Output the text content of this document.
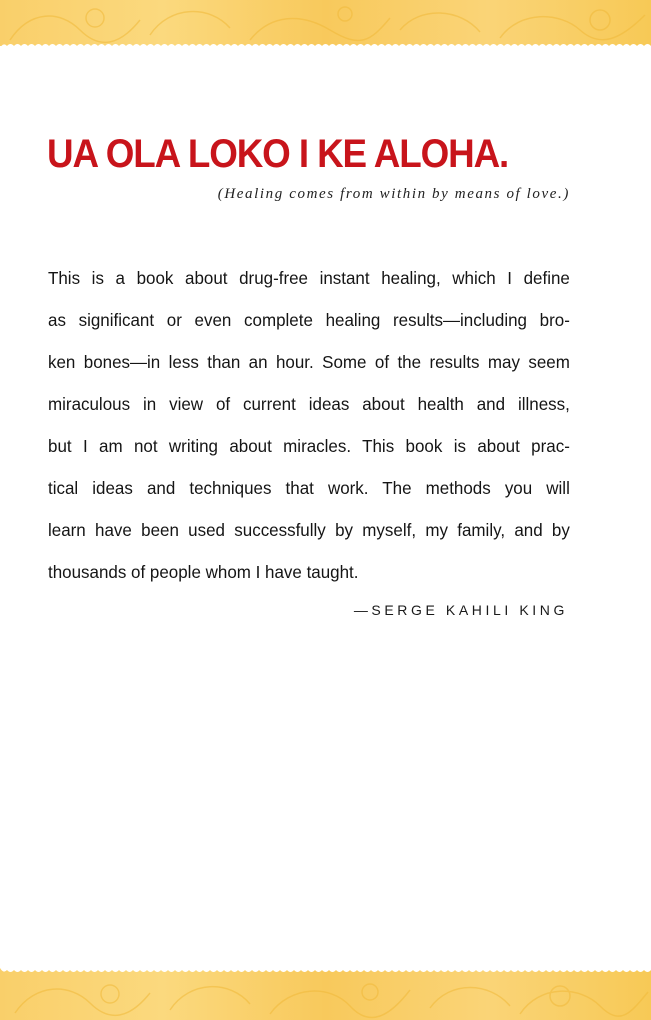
UA OLA LOKO I KE ALOHA.
(Healing comes from within by means of love.)
This is a book about drug-free instant healing, which I define
as significant or even complete healing results—including bro-
ken bones—in less than an hour. Some of the results may seem
miraculous in view of current ideas about health and illness,
but I am not writing about miracles. This book is about prac-
tical ideas and techniques that work. The methods you will
learn have been used successfully by myself, my family, and by
thousands of people whom I have taught.
—SERGE KAHILI KING
